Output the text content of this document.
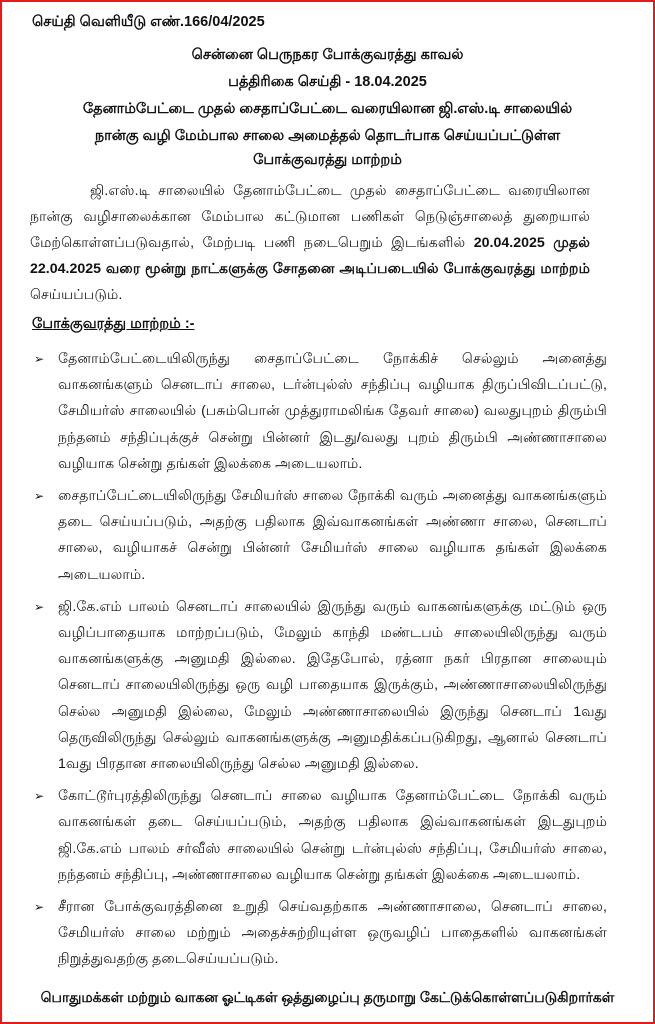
செய்தி வெளியீடு எண்.166/04/2025
சென்னை பெருநகர போக்குவரத்து காவல்
பத்திரிகை செய்தி - 18.04.2025
தேனாம்பேட்டை முதல் சைதாப்பேட்டை வரையிலான ஜி.எஸ்.டி சாலையில்
நான்கு வழி மேம்பால சாலை அமைத்தல் தொடர்பாக செய்யப்பட்டுள்ள
போக்குவரத்து மாற்றம்

ஜி.எஸ்.டி சாலையில் தேனாம்பேட்டை முதல் சைதாப்பேட்டை வரையிலான நான்கு வழிசாலைக்கான மேம்பால கட்டுமான பணிகள் நெடுஞ்சாலைத் துறையால் மேற்கொள்ளப்படுவதால், மேற்படி பணி நடைபெறும் இடங்களில் 20.04.2025 முதல் 22.04.2025 வரை மூன்று நாட்களுக்கு சோதனை அடிப்படையில் போக்குவரத்து மாற்றம் செய்யப்படும்.

போக்குவரத்து மாற்றம் :-
➢ தேனாம்பேட்டையிலிருந்து சைதாப்பேட்டை நோக்கிச் செல்லும் அனைத்து வாகனங்களும் செனடாப் சாலை, டர்ன்புல்ஸ் சந்திப்பு வழியாக திருப்பிவிடப்பட்டு, சேமியர்ஸ் சாலையில் (பசும்பொன் முத்துராமலிங்க தேவர் சாலை) வலதுபுறம் திரும்பி நந்தனம் சந்திப்புக்குச் சென்று பின்னர் இடது/வலது புறம் திரும்பி அண்ணாசாலை வழியாக சென்று தங்கள் இலக்கை அடையலாம்.
➢ சைதாப்பேட்டையிலிருந்து சேமியர்ஸ் சாலை நோக்கி வரும் அனைத்து வாகனங்களும் தடை செய்யப்படும், அதற்கு பதிலாக இவ்வாகனங்கள் அண்ணா சாலை, செனடாப் சாலை, வழியாகச் சென்று பின்னர் சேமியர்ஸ் சாலை வழியாக தங்கள் இலக்கை அடையலாம்.
➢ ஜி.கே.எம் பாலம் செனடாப் சாலையில் இருந்து வரும் வாகனங்களுக்கு மட்டும் ஒரு வழிப்பாதையாக மாற்றப்படும், மேலும் காந்தி மண்டபம் சாலையிலிருந்து வரும் வாகனங்களுக்கு அனுமதி இல்லை. இதேபோல், ரத்னா நகர் பிரதான சாலையும் செனடாப் சாலையிலிருந்து ஒரு வழி பாதையாக இருக்கும், அண்ணாசாலையிலிருந்து செல்ல அனுமதி இல்லை, மேலும் அண்ணாசாலையில் இருந்து செனடாப் 1வது தெருவிலிருந்து செல்லும் வாகனங்களுக்கு அனுமதிக்கப்படுகிறது, ஆனால் செனடாப் 1வது பிரதான சாலையிலிருந்து செல்ல அனுமதி இல்லை.
➢ கோட்டூர்புரத்திலிருந்து செனடாப் சாலை வழியாக தேனாம்பேட்டை நோக்கி வரும் வாகனங்கள் தடை செய்யப்படும், அதற்கு பதிலாக இவ்வாகனங்கள் இடதுபுறம் ஜி.கே.எம் பாலம் சர்வீஸ் சாலையில் சென்று டர்ன்புல்ஸ் சந்திப்பு, சேமியர்ஸ் சாலை, நந்தனம் சந்திப்பு, அண்ணாசாலை வழியாக சென்று தங்கள் இலக்கை அடையலாம்.
➢ சீரான போக்குவரத்தினை உறுதி செய்வதற்காக அண்ணாசாலை, செனடாப் சாலை, சேமியர்ஸ் சாலை மற்றும் அதைச்சுற்றியுள்ள ஒருவழிப் பாதைகளில் வாகனங்கள் நிறுத்துவதற்கு தடைசெய்யப்படும்.
பொதுமக்கள் மற்றும் வாகன ஓட்டிகள் ஒத்துழைப்பு தருமாறு கேட்டுக்கொள்ளப்படுகிறார்கள்
